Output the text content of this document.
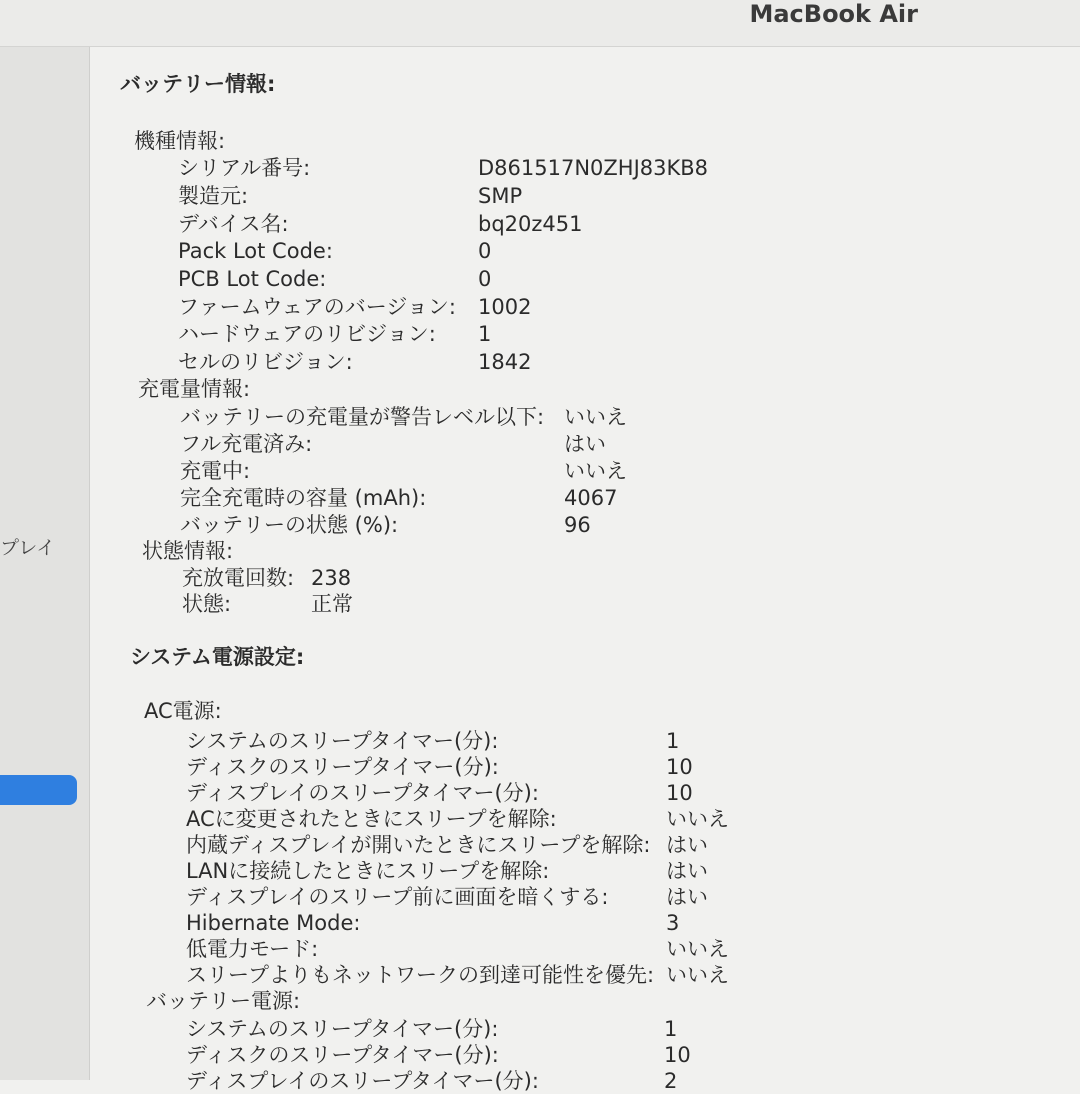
MacBook Air
プレイ
バッテリー情報:
機種情報:
シリアル番号:	D861517N0ZHJ83KB8
製造元:	SMP
デバイス名:	bq20z451
Pack Lot Code:	0
PCB Lot Code:	0
ファームウェアのバージョン: 1002
ハードウェアのリビジョン: 1
セルのリビジョン:	1842
充電量情報:
バッテリーの充電量が警告レベル以下: いいえ
フル充電済み:	はい
充電中:	いいえ
完全充電時の容量 (mAh):	4067
バッテリーの状態 (%):	96
状態情報:
充放電回数: 238
状態:	正常
システム電源設定:
AC電源:
システムのスリープタイマー(分):	1
ディスクのスリープタイマー(分):	10
ディスプレイのスリープタイマー(分):	10
ACに変更されたときにスリープを解除:	いいえ
内蔵ディスプレイが開いたときにスリープを解除: はい
LANに接続したときにスリープを解除:	はい
ディスプレイのスリープ前に画面を暗くする:	はい
Hibernate Mode:	3
低電力モード:	いいえ
スリープよりもネットワークの到達可能性を優先: いいえ
バッテリー電源:
システムのスリープタイマー(分):	1
ディスクのスリープタイマー(分):	10
ディスプレイのスリープタイマー(分):	2
